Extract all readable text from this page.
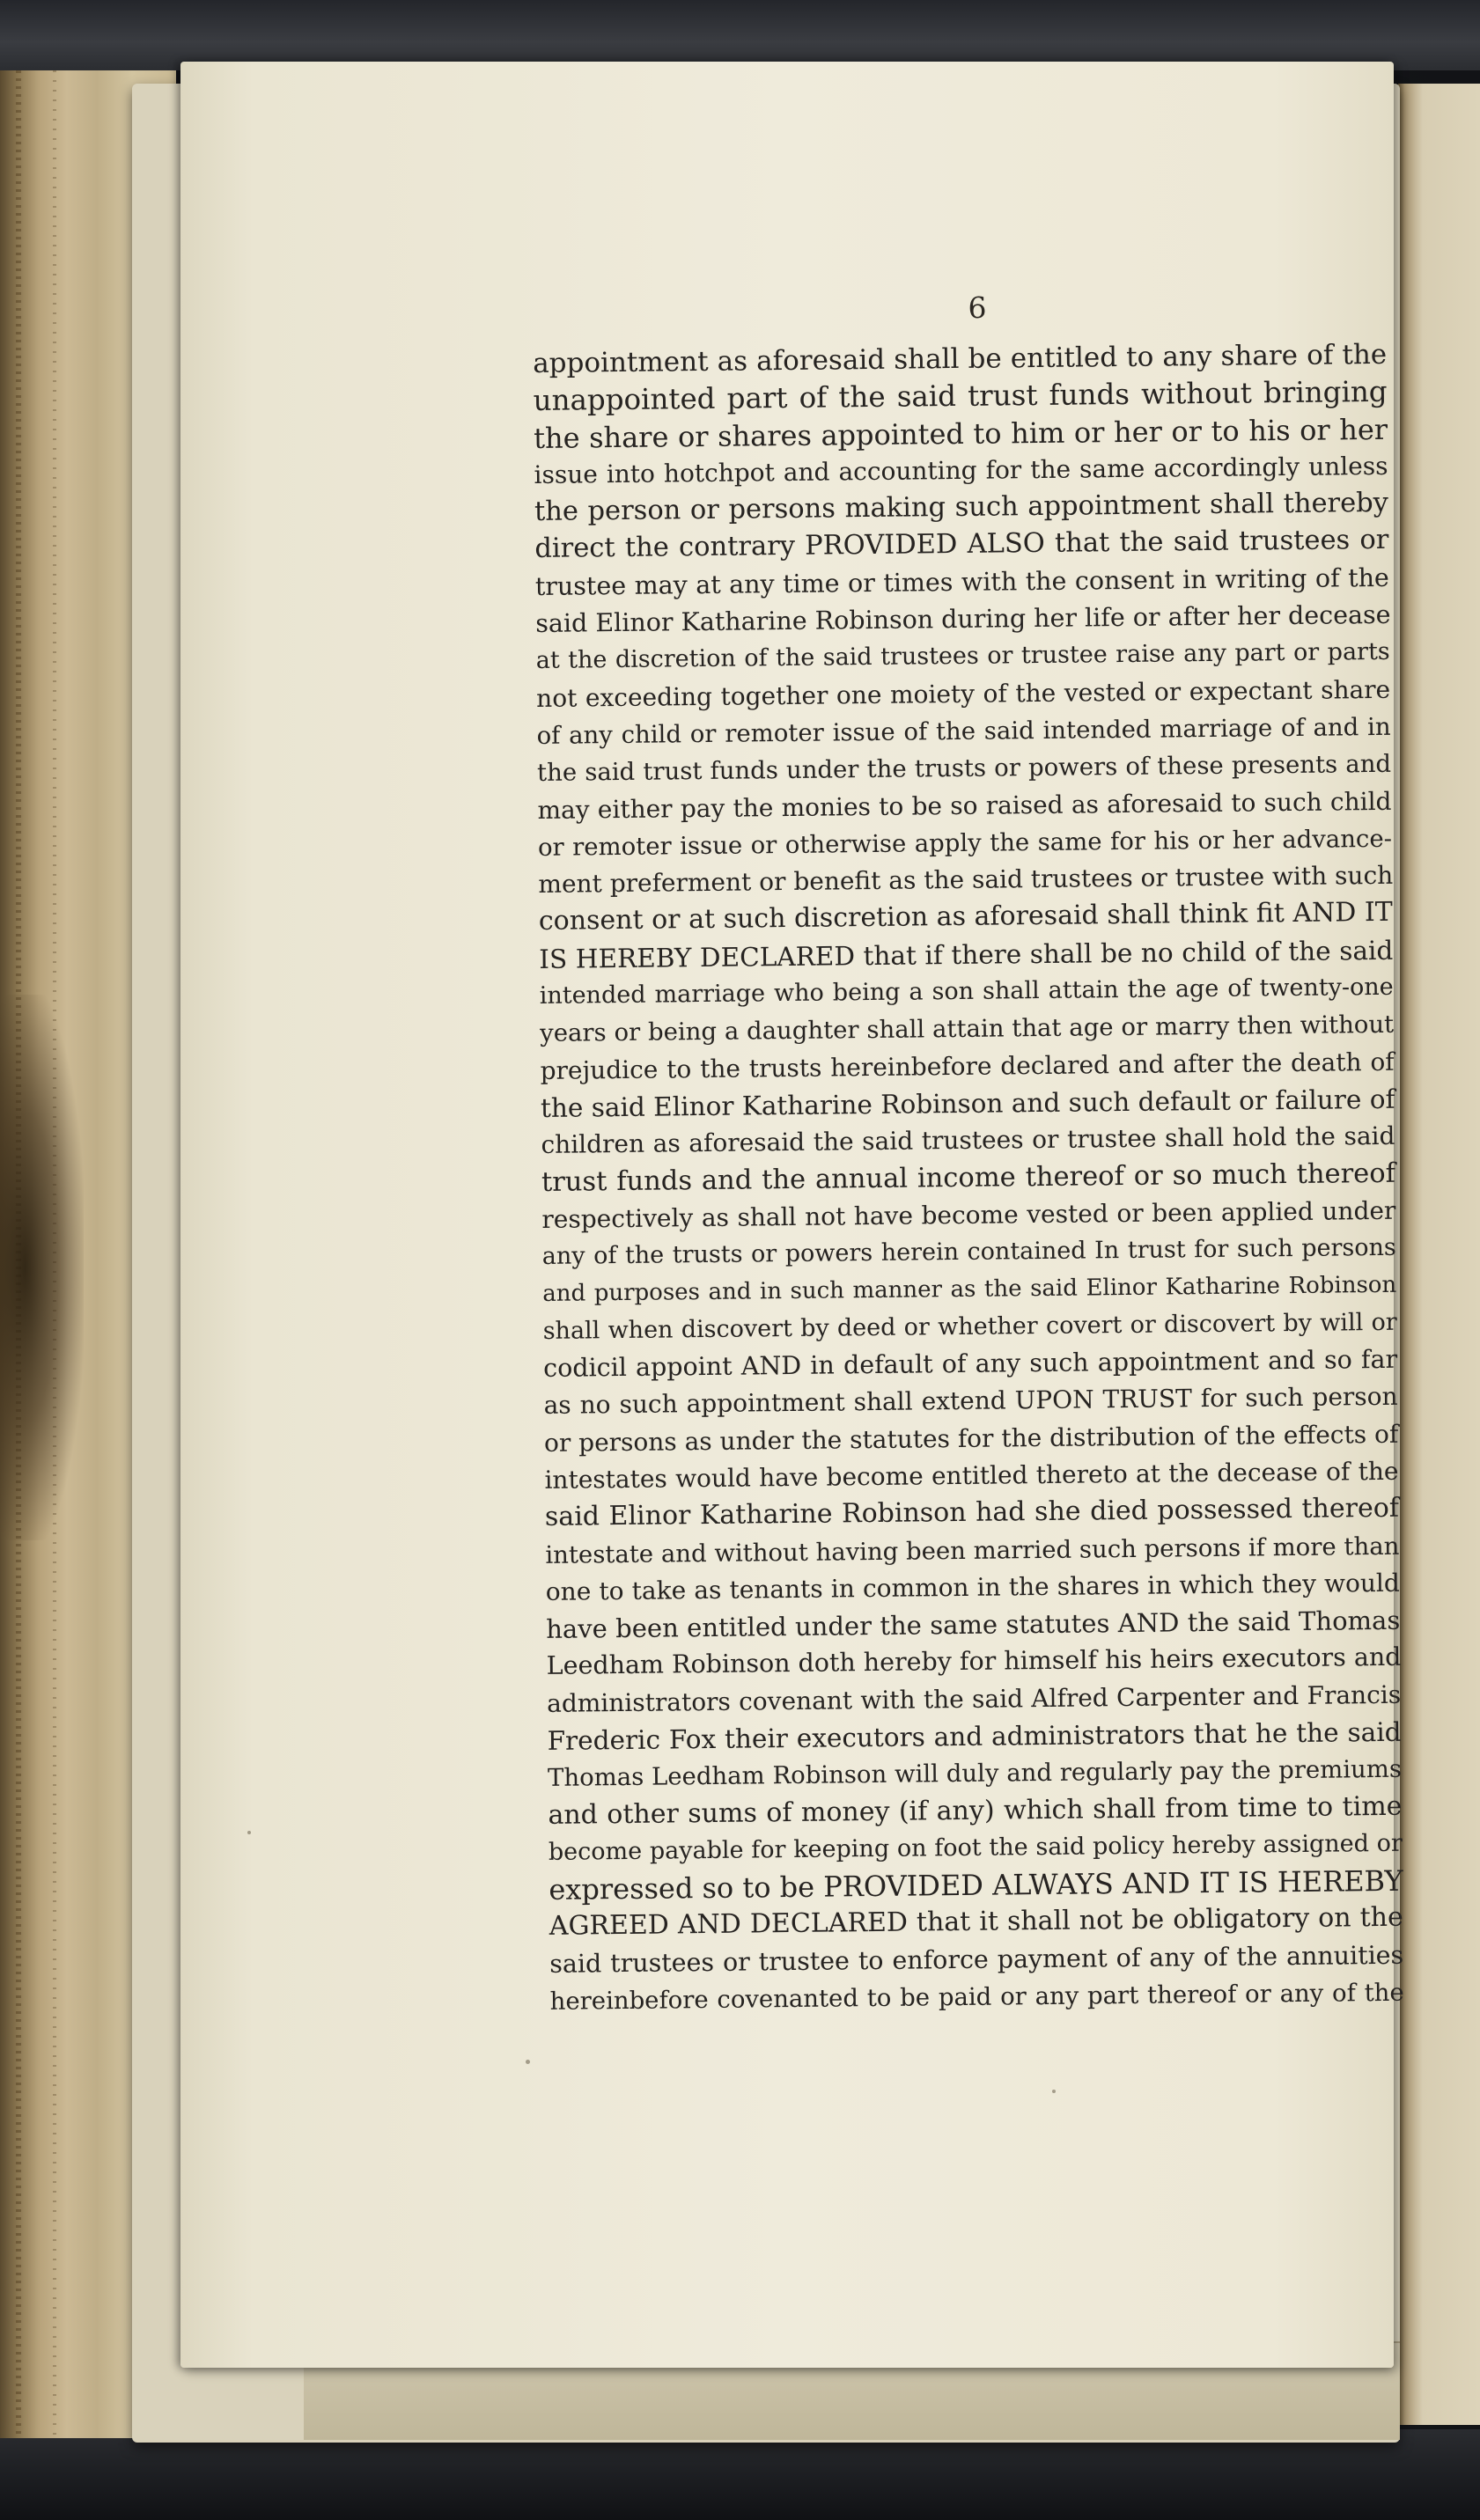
6
appointment as aforesaid shall be entitled to any share of the
unappointed part of the said trust funds without bringing
the share or shares appointed to him or her or to his or her
issue into hotchpot and accounting for the same accordingly unless
the person or persons making such appointment shall thereby
direct the contrary PROVIDED ALSO that the said trustees or
trustee may at any time or times with the consent in writing of the
said Elinor Katharine Robinson during her life or after her decease
at the discretion of the said trustees or trustee raise any part or parts
not exceeding together one moiety of the vested or expectant share
of any child or remoter issue of the said intended marriage of and in
the said trust funds under the trusts or powers of these presents and
may either pay the monies to be so raised as aforesaid to such child
or remoter issue or otherwise apply the same for his or her advance-
ment preferment or benefit as the said trustees or trustee with such
consent or at such discretion as aforesaid shall think fit AND IT
IS HEREBY DECLARED that if there shall be no child of the said
intended marriage who being a son shall attain the age of twenty-one
years or being a daughter shall attain that age or marry then without
prejudice to the trusts hereinbefore declared and after the death of
the said Elinor Katharine Robinson and such default or failure of
children as aforesaid the said trustees or trustee shall hold the said
trust funds and the annual income thereof or so much thereof
respectively as shall not have become vested or been applied under
any of the trusts or powers herein contained In trust for such persons
and purposes and in such manner as the said Elinor Katharine Robinson
shall when discovert by deed or whether covert or discovert by will or
codicil appoint AND in default of any such appointment and so far
as no such appointment shall extend UPON TRUST for such person
or persons as under the statutes for the distribution of the effects of
intestates would have become entitled thereto at the decease of the
said Elinor Katharine Robinson had she died possessed thereof
intestate and without having been married such persons if more than
one to take as tenants in common in the shares in which they would
have been entitled under the same statutes AND the said Thomas
Leedham Robinson doth hereby for himself his heirs executors and
administrators covenant with the said Alfred Carpenter and Francis
Frederic Fox their executors and administrators that he the said
Thomas Leedham Robinson will duly and regularly pay the premiums
and other sums of money (if any) which shall from time to time
become payable for keeping on foot the said policy hereby assigned or
expressed so to be PROVIDED ALWAYS AND IT IS HEREBY
AGREED AND DECLARED that it shall not be obligatory on the
said trustees or trustee to enforce payment of any of the annuities
hereinbefore covenanted to be paid or any part thereof or any of the
